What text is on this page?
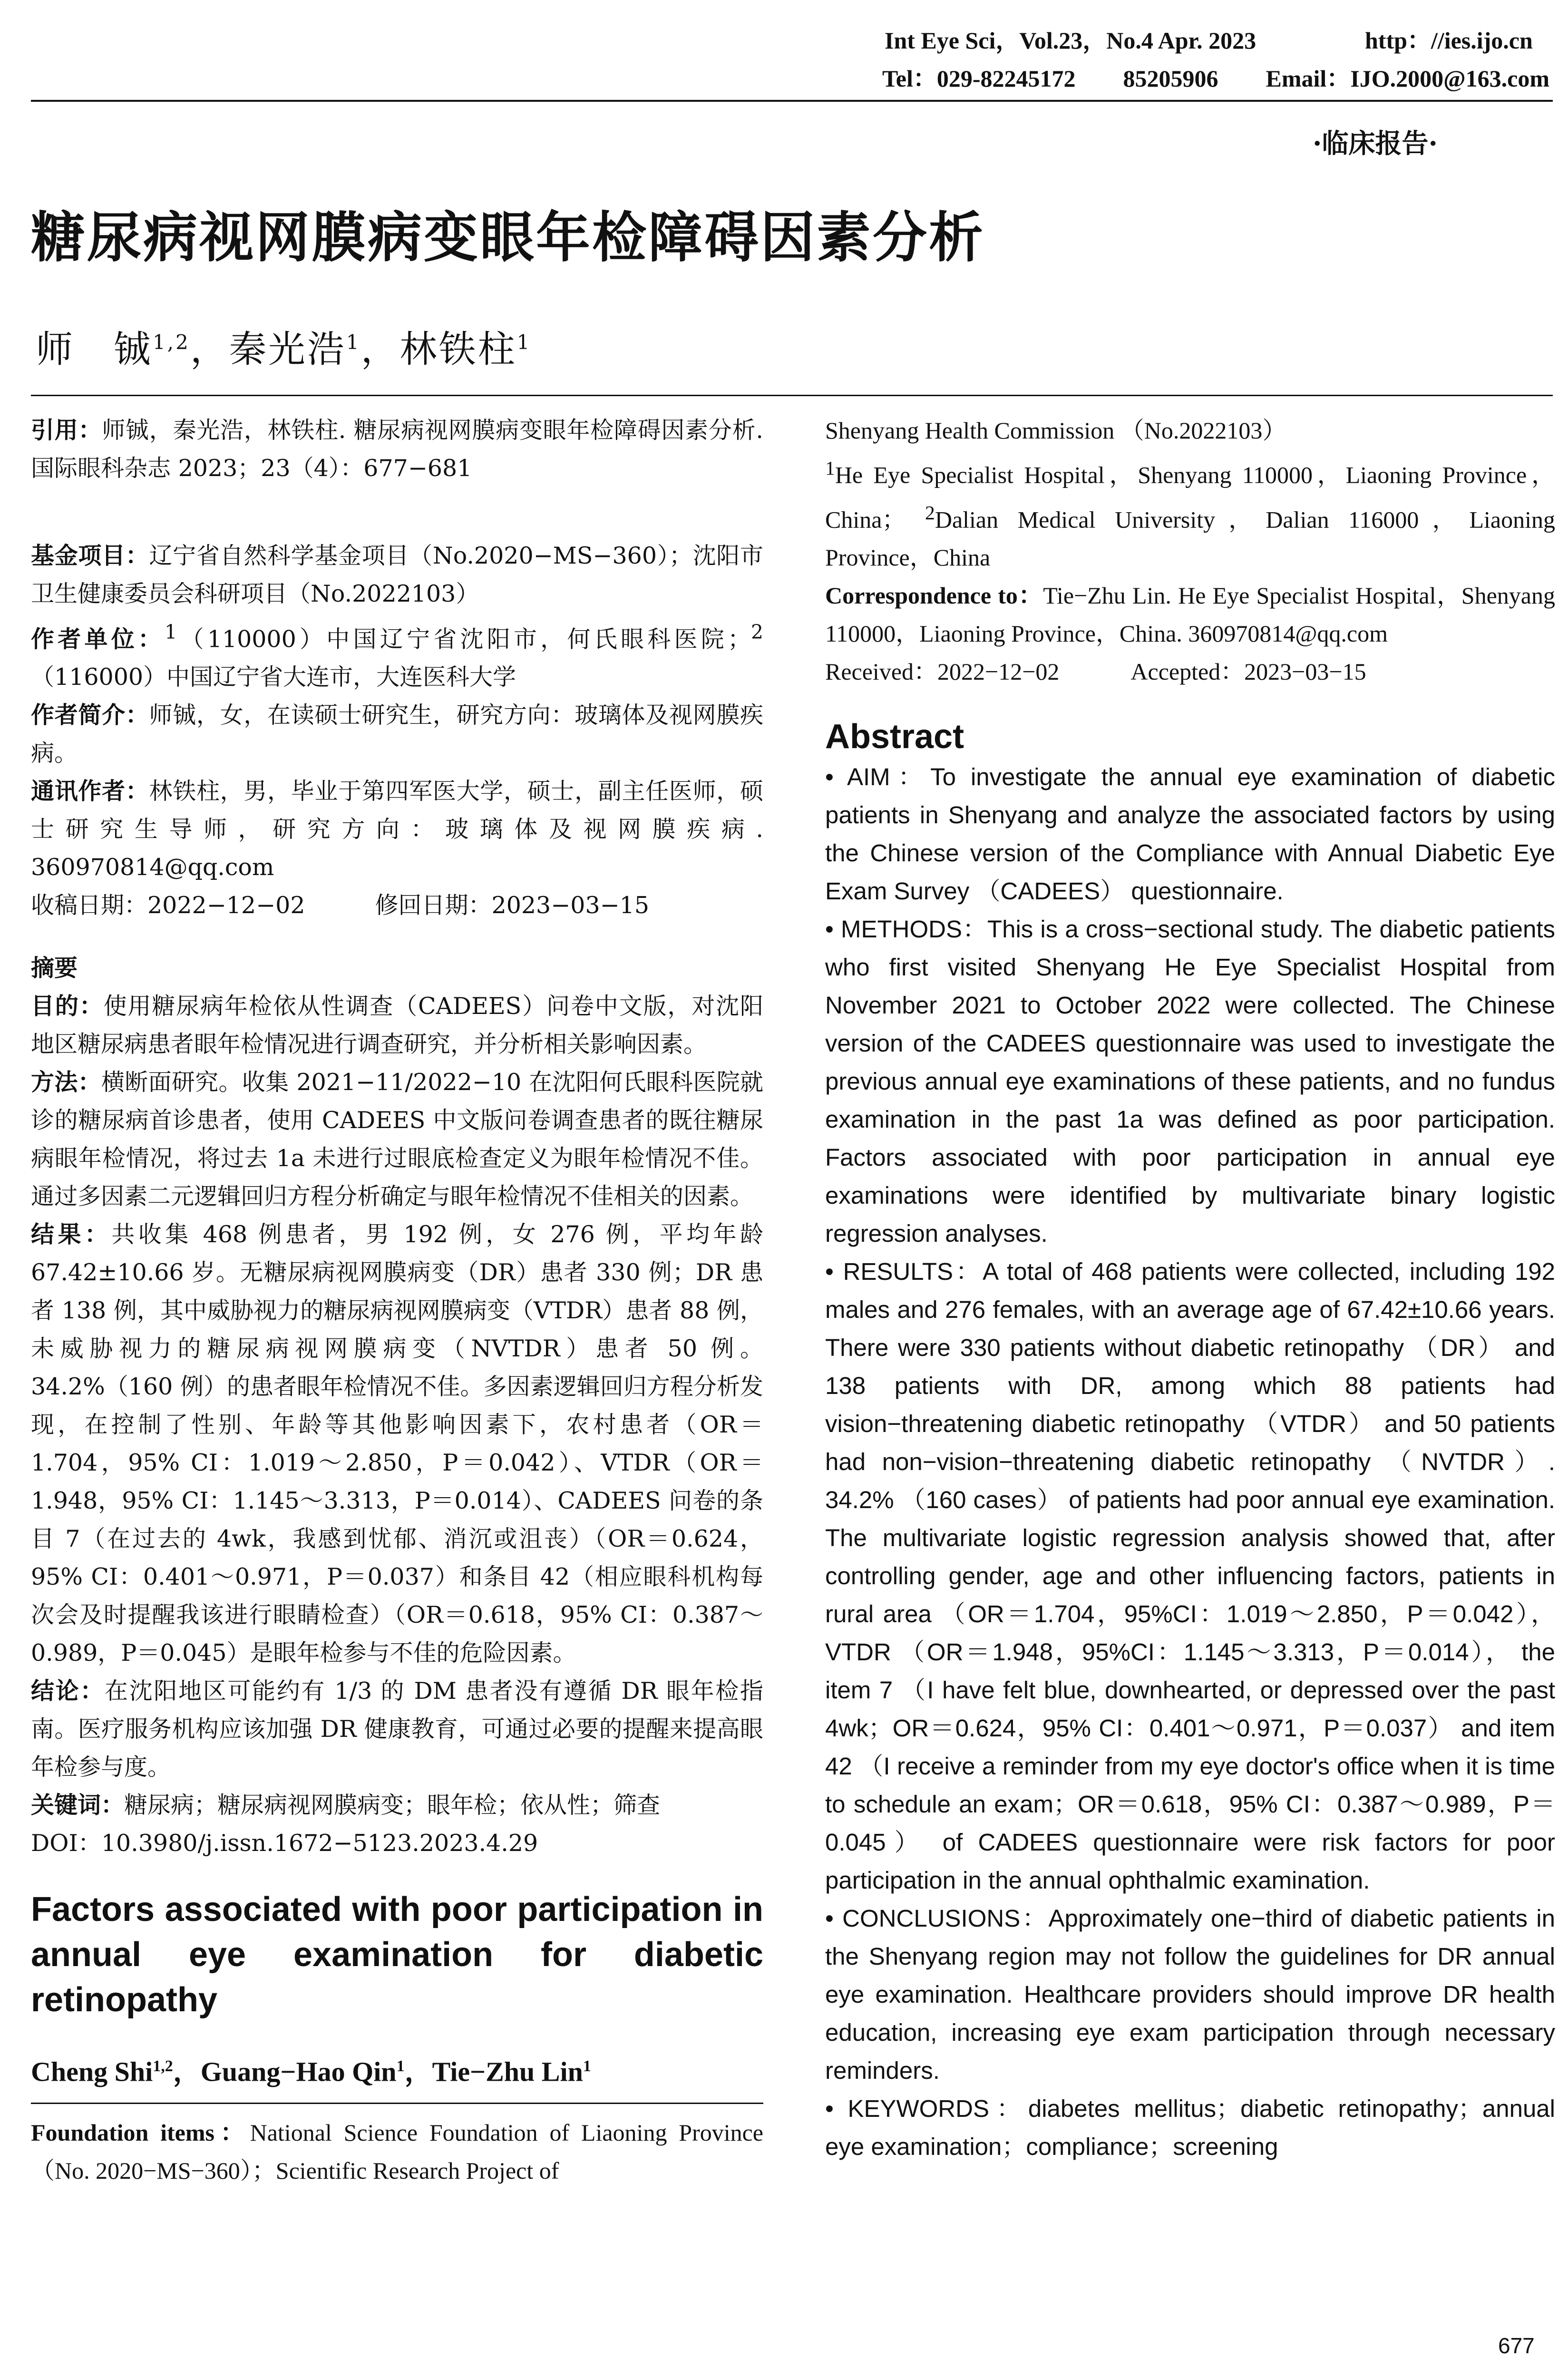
Int Eye Sci，Vol.23，No.4 Apr. 2023	http：//ies.ijo.cn
Tel：029-82245172　　85205906　　Email：IJO.2000@163.com
·临床报告·
糖尿病视网膜病变眼年检障碍因素分析
师　铖$^{1,2}$，秦光浩$^1$，林铁柱$^1$

引用：师铖，秦光浩，林铁柱. 糖尿病视网膜病变眼年检障碍因素分析. 国际眼科杂志 2023；23（4）：677−681

基金项目：辽宁省自然科学基金项目（No.2020−MS−360）；沈阳市卫生健康委员会科研项目（No.2022103）

作者单位：$^1$（110000）中国辽宁省沈阳市，何氏眼科医院；$^2$（116000）中国辽宁省大连市，大连医科大学

作者简介：师铖，女，在读硕士研究生，研究方向：玻璃体及视网膜疾病。

通讯作者：林铁柱，男，毕业于第四军医大学，硕士，副主任医师，硕士研究生导师，研究方向：玻璃体及视网膜疾病. 360970814@qq.com

收稿日期：2022−12−02　　　修回日期：2023−03−15

摘要

目的：使用糖尿病年检依从性调查（CADEES）问卷中文版，对沈阳地区糖尿病患者眼年检情况进行调查研究，并分析相关影响因素。

方法：横断面研究。收集 2021−11/2022−10 在沈阳何氏眼科医院就诊的糖尿病首诊患者，使用 CADEES 中文版问卷调查患者的既往糖尿病眼年检情况，将过去 1a 未进行过眼底检查定义为眼年检情况不佳。通过多因素二元逻辑回归方程分析确定与眼年检情况不佳相关的因素。

结果：共收集 468 例患者，男 192 例，女 276 例，平均年龄 67.42±10.66 岁。无糖尿病视网膜病变（DR）患者 330 例；DR 患者 138 例，其中威胁视力的糖尿病视网膜病变（VTDR）患者 88 例，未威胁视力的糖尿病视网膜病变（NVTDR）患者 50 例。34.2%（160 例）的患者眼年检情况不佳。多因素逻辑回归方程分析发现，在控制了性别、年龄等其他影响因素下，农村患者（OR＝1.704，95% CI：1.019～2.850，P＝0.042）、VTDR（OR＝1.948，95% CI：1.145～3.313，P＝0.014）、CADEES 问卷的条目 7（在过去的 4wk，我感到忧郁、消沉或沮丧）（OR＝0.624，95% CI：0.401～0.971，P＝0.037）和条目 42（相应眼科机构每次会及时提醒我该进行眼睛检查）（OR＝0.618，95% CI：0.387～0.989，P＝0.045）是眼年检参与不佳的危险因素。

结论：在沈阳地区可能约有 1/3 的 DM 患者没有遵循 DR 眼年检指南。医疗服务机构应该加强 DR 健康教育，可通过必要的提醒来提高眼年检参与度。

关键词：糖尿病；糖尿病视网膜病变；眼年检；依从性；筛查

DOI：10.3980/j.issn.1672−5123.2023.4.29

Factors associated with poor participation in annual eye examination for diabetic retinopathy

Cheng Shi$^{1,2}$，Guang−Hao Qin$^1$，Tie−Zhu Lin$^1$

Foundation items：National Science Foundation of Liaoning Province （No. 2020−MS−360）；Scientific Research Project of

Shenyang Health Commission （No.2022103）

$^1$He Eye Specialist Hospital，Shenyang 110000，Liaoning Province，China； $^2$Dalian Medical University，Dalian 116000，Liaoning Province，China

Correspondence to：Tie−Zhu Lin. He Eye Specialist Hospital，Shenyang 110000，Liaoning Province，China. 360970814@qq.com

Received：2022−12−02　　　Accepted：2023−03−15

Abstract

• AIM：To investigate the annual eye examination of diabetic patients in Shenyang and analyze the associated factors by using the Chinese version of the Compliance with Annual Diabetic Eye Exam Survey （CADEES） questionnaire.

• METHODS：This is a cross−sectional study. The diabetic patients who first visited Shenyang He Eye Specialist Hospital from November 2021 to October 2022 were collected. The Chinese version of the CADEES questionnaire was used to investigate the previous annual eye examinations of these patients, and no fundus examination in the past 1a was defined as poor participation. Factors associated with poor participation in annual eye examinations were identified by multivariate binary logistic regression analyses.

• RESULTS：A total of 468 patients were collected, including 192 males and 276 females, with an average age of 67.42±10.66 years. There were 330 patients without diabetic retinopathy （DR） and 138 patients with DR, among which 88 patients had vision−threatening diabetic retinopathy （VTDR） and 50 patients had non−vision−threatening diabetic retinopathy （NVTDR）. 34.2% （160 cases） of patients had poor annual eye examination. The multivariate logistic regression analysis showed that, after controlling gender, age and other influencing factors, patients in rural area （OR＝1.704，95%CI：1.019～2.850，P＝0.042），VTDR （OR＝1.948，95%CI：1.145～3.313，P＝0.014）， the item 7 （I have felt blue, downhearted, or depressed over the past 4wk；OR＝0.624，95% CI：0.401～0.971，P＝0.037） and item 42 （I receive a reminder from my eye doctor's office when it is time to schedule an exam；OR＝0.618，95% CI：0.387～0.989，P＝0.045） of CADEES questionnaire were risk factors for poor participation in the annual ophthalmic examination.

• CONCLUSIONS：Approximately one−third of diabetic patients in the Shenyang region may not follow the guidelines for DR annual eye examination. Healthcare providers should improve DR health education, increasing eye exam participation through necessary reminders.

• KEYWORDS：diabetes mellitus；diabetic retinopathy；annual eye examination；compliance；screening

677
